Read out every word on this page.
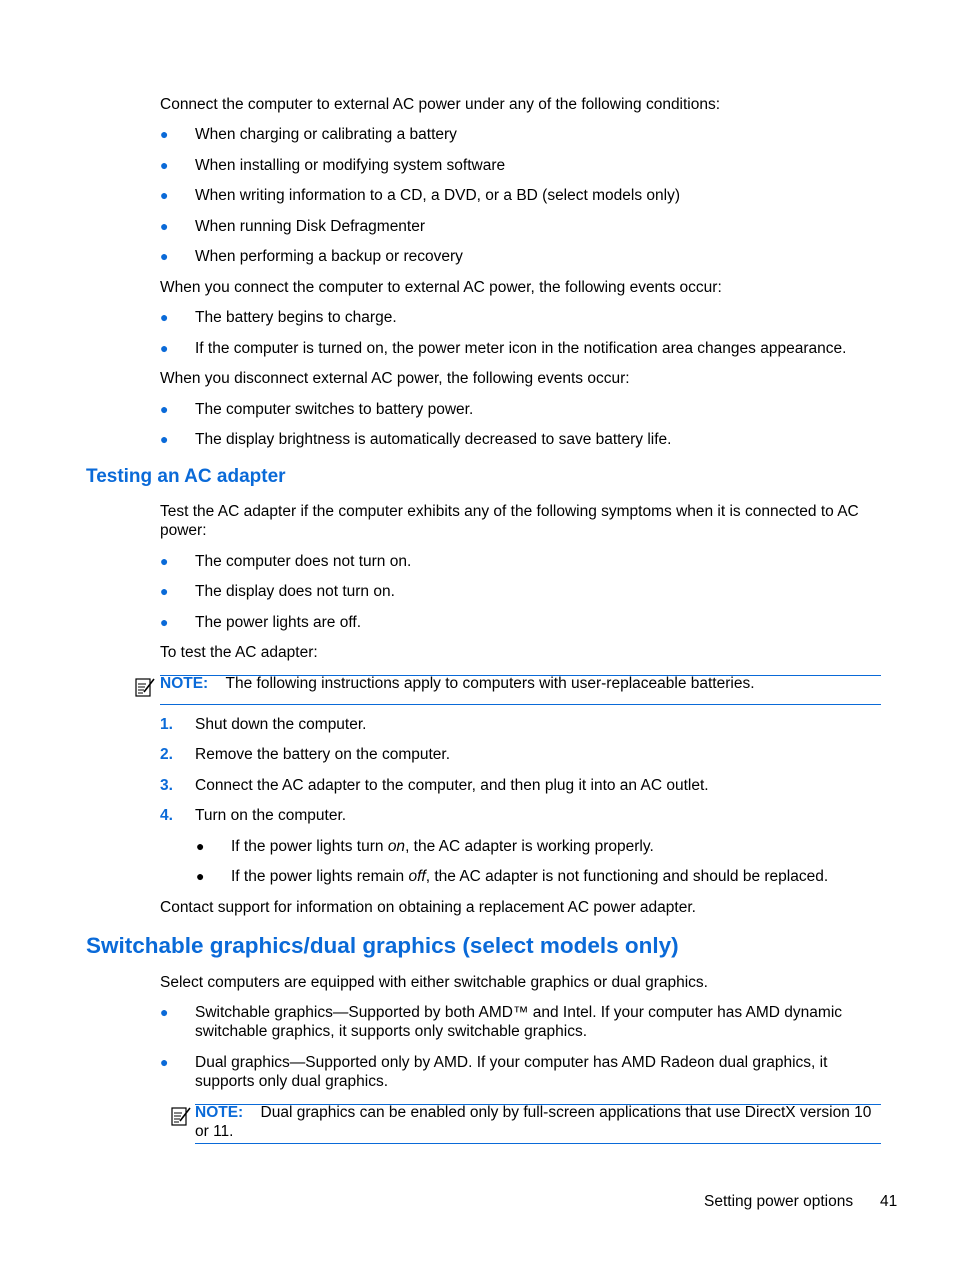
Connect the computer to external AC power under any of the following conditions:
● When charging or calibrating a battery
● When installing or modifying system software
● When writing information to a CD, a DVD, or a BD (select models only)
● When running Disk Defragmenter
● When performing a backup or recovery
When you connect the computer to external AC power, the following events occur:
● The battery begins to charge.
● If the computer is turned on, the power meter icon in the notification area changes appearance.
When you disconnect external AC power, the following events occur:
● The computer switches to battery power.
● The display brightness is automatically decreased to save battery life.
Testing an AC adapter
Test the AC adapter if the computer exhibits any of the following symptoms when it is connected to AC power:
● The computer does not turn on.
● The display does not turn on.
● The power lights are off.
To test the AC adapter:
NOTE: The following instructions apply to computers with user-replaceable batteries.
1. Shut down the computer.
2. Remove the battery on the computer.
3. Connect the AC adapter to the computer, and then plug it into an AC outlet.
4. Turn on the computer.
● If the power lights turn on, the AC adapter is working properly.
● If the power lights remain off, the AC adapter is not functioning and should be replaced.
Contact support for information on obtaining a replacement AC power adapter.
Switchable graphics/dual graphics (select models only)
Select computers are equipped with either switchable graphics or dual graphics.
● Switchable graphics—Supported by both AMD™ and Intel. If your computer has AMD dynamic switchable graphics, it supports only switchable graphics.
● Dual graphics—Supported only by AMD. If your computer has AMD Radeon dual graphics, it supports only dual graphics.
NOTE: Dual graphics can be enabled only by full-screen applications that use DirectX version 10 or 11.
Setting power options 41
